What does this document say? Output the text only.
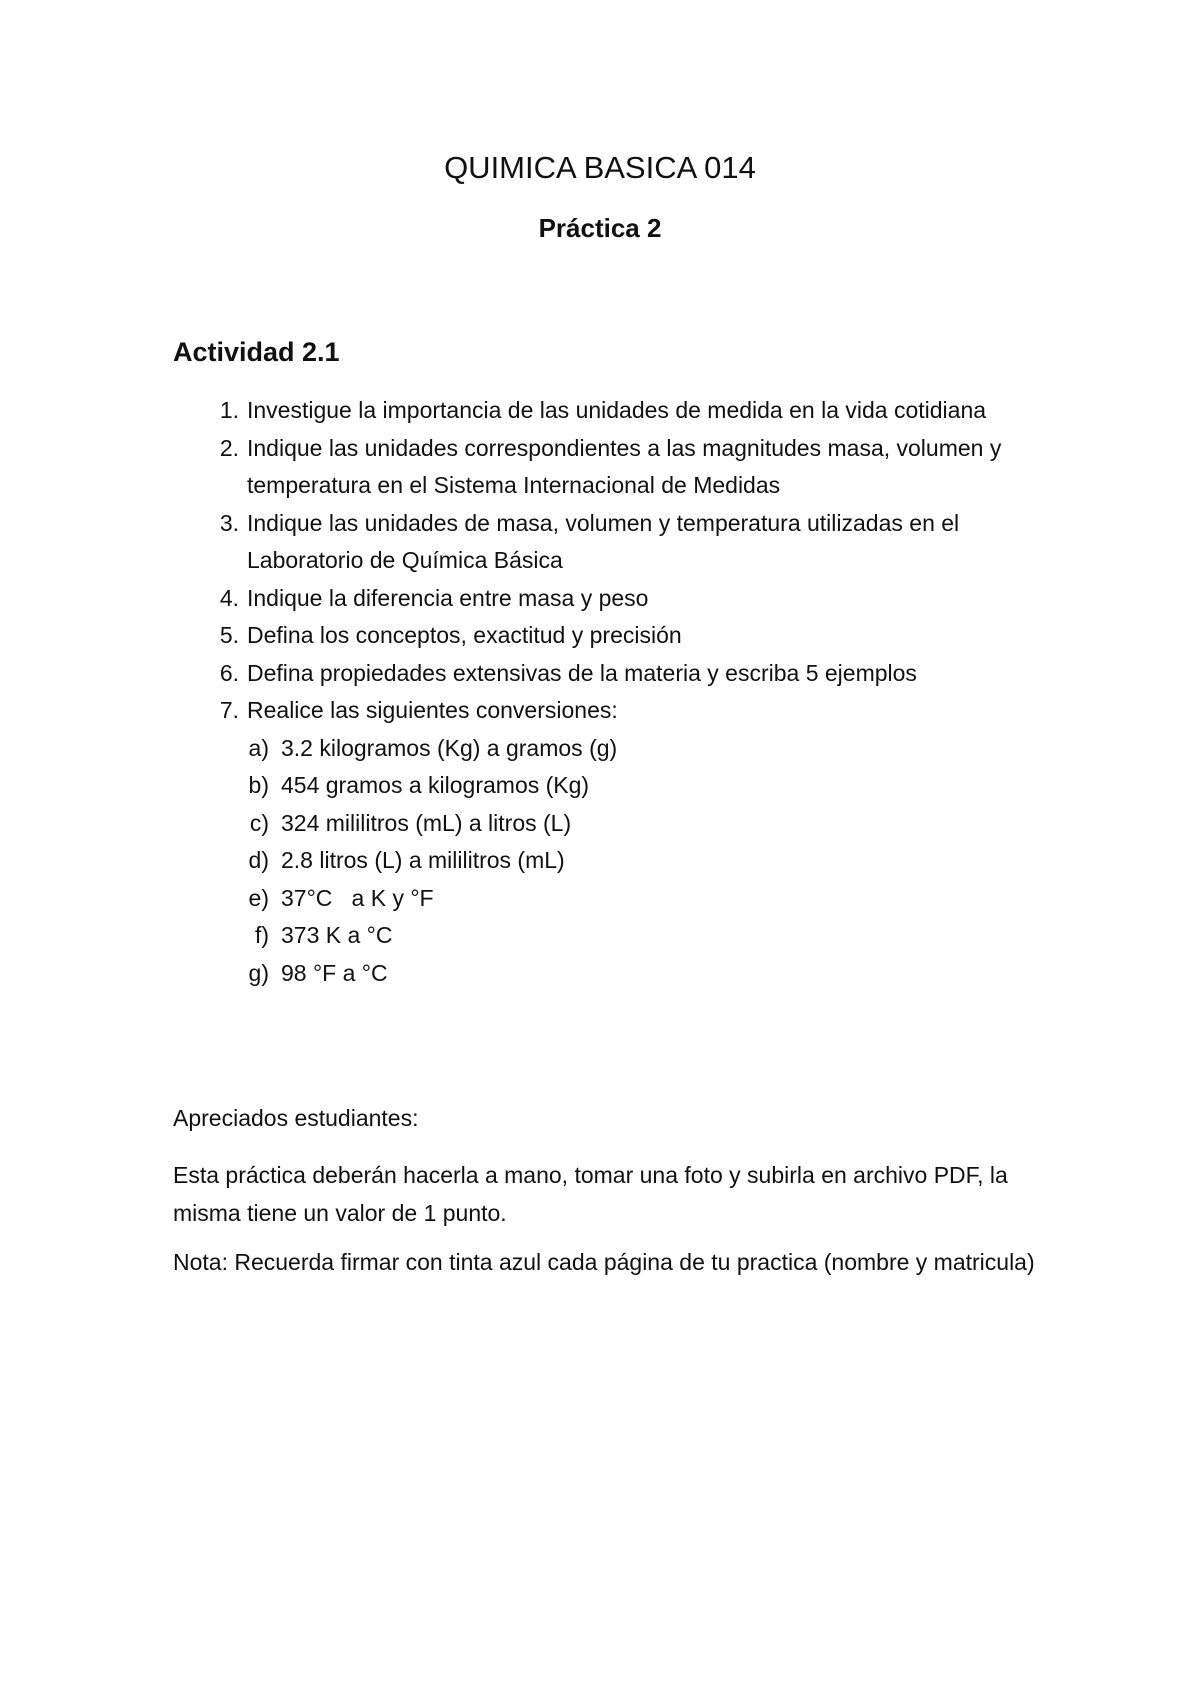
QUIMICA BASICA 014
Práctica 2
Actividad 2.1
1. Investigue la importancia de las unidades de medida en la vida cotidiana
2. Indique las unidades correspondientes a las magnitudes masa, volumen y temperatura en el Sistema Internacional de Medidas
3. Indique las unidades de masa, volumen y temperatura utilizadas en el Laboratorio de Química Básica
4. Indique la diferencia entre masa y peso
5. Defina los conceptos, exactitud y precisión
6. Defina propiedades extensivas de la materia y escriba 5 ejemplos
7. Realice las siguientes conversiones:
a) 3.2 kilogramos (Kg) a gramos (g)
b) 454 gramos a kilogramos (Kg)
c) 324 mililitros (mL) a litros (L)
d) 2.8 litros (L) a mililitros (mL)
e) 37°C   a K y °F
f) 373 K a °C
g) 98 °F a °C

Apreciados estudiantes:

Esta práctica deberán hacerla a mano, tomar una foto y subirla en archivo PDF, la misma tiene un valor de 1 punto.

Nota: Recuerda firmar con tinta azul cada página de tu practica (nombre y matricula)
